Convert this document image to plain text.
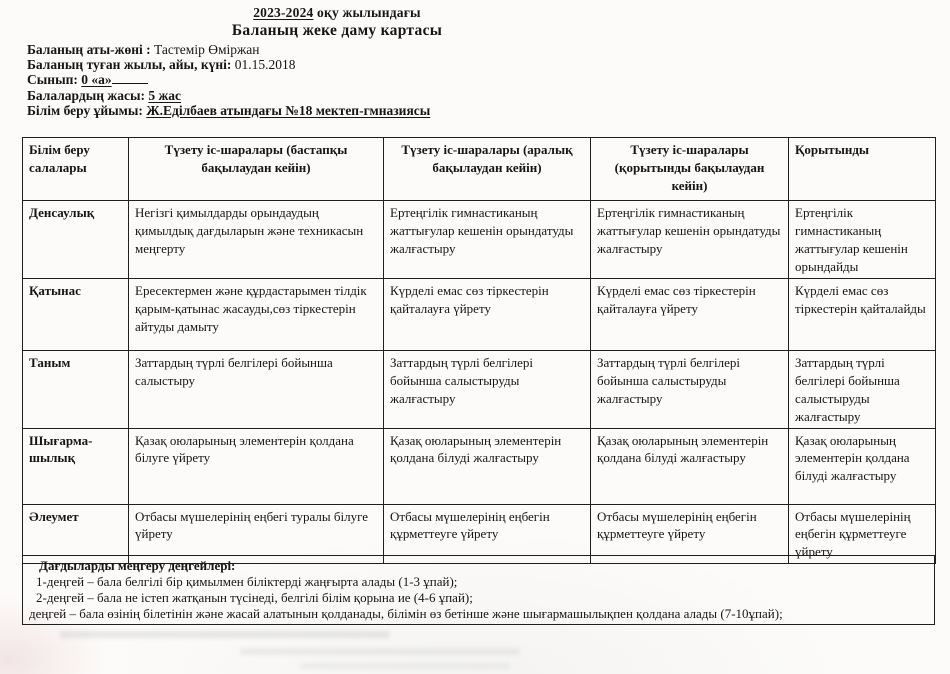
2023-2024 оқу жылындағы
Баланың жеке даму картасы
Баланың аты-жөні : Тастемір Өміржан
Баланың туған жылы, айы, күні: 01.15.2018
Сынып: 0 «а»
Балалардың жасы: 5 жас
Білім беру ұйымы: Ж.Еділбаев атындағы №18 мектеп-гмназиясы
Білім беру салалары	Түзету іс-шаралары (бастапқы бақылаудан кейін)	Түзету іс-шаралары (аралық бақылаудан кейін)	Түзету іс-шаралары (қорытынды бақылаудан кейін)	Қорытынды
Денсаулық	Негізгі қимылдарды орындаудың қимылдық дағдыларын және техникасын меңгерту	Ертеңгілік гимнастиканың жаттығулар кешенін орындатуды жалғастыру	Ертеңгілік гимнастиканың жаттығулар кешенін орындатуды жалғастыру	Ертеңгілік гимнастиканың жаттығулар кешенін орындайды
Қатынас	Ересектермен және құрдастарымен тілдік қарым-қатынас жасауды,сөз тіркестерін айтуды дамыту	Күрделі емас сөз тіркестерін қайталауға үйрету	Күрделі емас сөз тіркестерін қайталауға үйрету	Күрделі емас сөз тіркестерін қайталайды
Таным	Заттардың түрлі белгілері бойынша салыстыру	Заттардың түрлі белгілері бойынша салыстыруды жалғастыру	Заттардың түрлі белгілері бойынша салыстыруды жалғастыру	Заттардың түрлі белгілері бойынша салыстыруды жалғастыру
Шығарма-шылық	Қазақ оюларының элементерін қолдана білуге үйрету	Қазақ оюларының элементерін қолдана білуді жалғастыру	Қазақ оюларының элементерін қолдана білуді жалғастыру	Қазақ оюларының элементерін қолдана білуді жалғастыру
Әлеумет	Отбасы мүшелерінің еңбегі туралы білуге үйрету	Отбасы мүшелерінің еңбегін құрметтеуге үйрету	Отбасы мүшелерінің еңбегін құрметтеуге үйрету	Отбасы мүшелерінің еңбегін құрметтеуге үйрету
Дағдыларды меңгеру деңгейлері:
1-деңгей – бала белгілі бір қимылмен біліктерді жаңғырта алады (1-3 ұпай);
2-деңгей – бала не істеп жатқанын түсінеді, белгілі білім қорына ие (4-6 ұпай);
деңгей – бала өзінің білетінін және жасай алатынын қолданады, білімін өз бетінше және шығармашылықпен қолдана алады (7-10ұпай);
